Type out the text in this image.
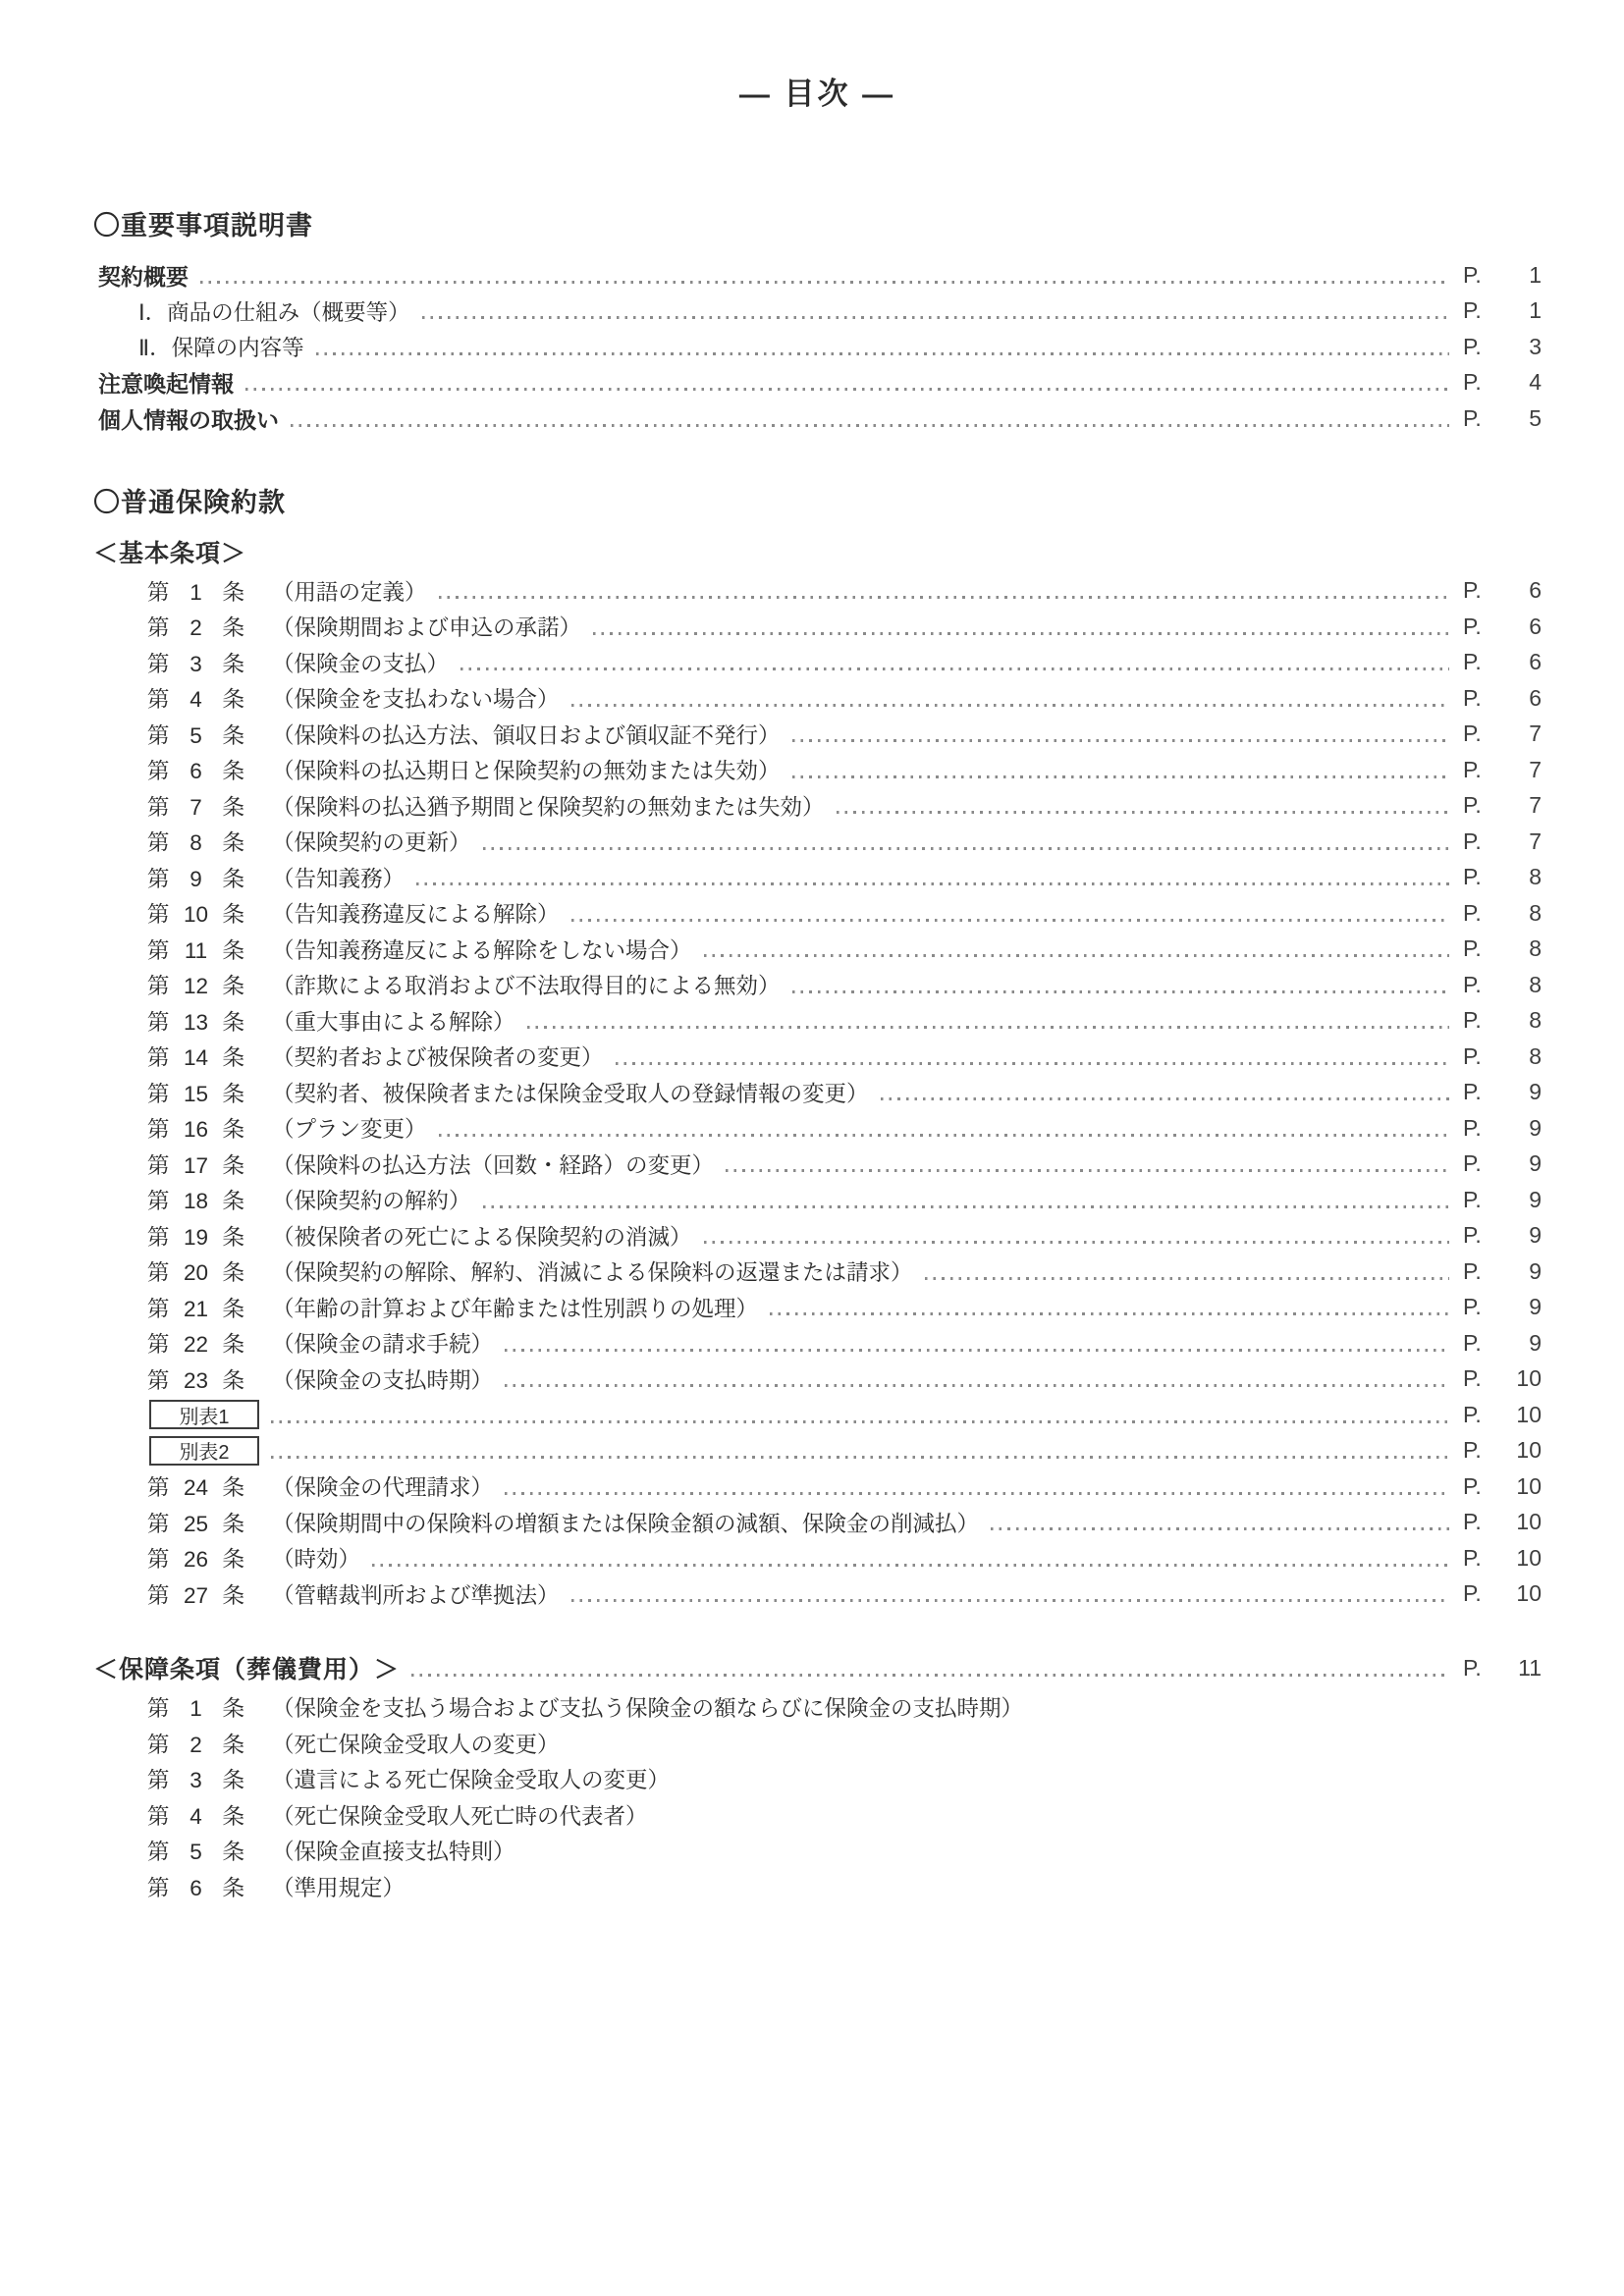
— 目次 —
〇重要事項説明書
契約概要	P. 1
Ⅰ．商品の仕組み（概要等）	P. 1
Ⅱ．保障の内容等	P. 3
注意喚起情報	P. 4
個人情報の取扱い	P. 5
〇普通保険約款
＜基本条項＞
第 1 条 （用語の定義）	P. 6
第 2 条 （保険期間および申込の承諾）	P. 6
第 3 条 （保険金の支払）	P. 6
第 4 条 （保険金を支払わない場合）	P. 6
第 5 条 （保険料の払込方法、領収日および領収証不発行）	P. 7
第 6 条 （保険料の払込期日と保険契約の無効または失効）	P. 7
第 7 条 （保険料の払込猶予期間と保険契約の無効または失効）	P. 7
第 8 条 （保険契約の更新）	P. 7
第 9 条 （告知義務）	P. 8
第 10 条 （告知義務違反による解除）	P. 8
第 11 条 （告知義務違反による解除をしない場合）	P. 8
第 12 条 （詐欺による取消および不法取得目的による無効）	P. 8
第 13 条 （重大事由による解除）	P. 8
第 14 条 （契約者および被保険者の変更）	P. 8
第 15 条 （契約者、被保険者または保険金受取人の登録情報の変更）	P. 9
第 16 条 （プラン変更）	P. 9
第 17 条 （保険料の払込方法（回数・経路）の変更）	P. 9
第 18 条 （保険契約の解約）	P. 9
第 19 条 （被保険者の死亡による保険契約の消滅）	P. 9
第 20 条 （保険契約の解除、解約、消滅による保険料の返還または請求）	P. 9
第 21 条 （年齢の計算および年齢または性別誤りの処理）	P. 9
第 22 条 （保険金の請求手続）	P. 9
第 23 条 （保険金の支払時期）	P. 10
別表1	P. 10
別表2	P. 10
第 24 条 （保険金の代理請求）	P. 10
第 25 条 （保険期間中の保険料の増額または保険金額の減額、保険金の削減払）	P. 10
第 26 条 （時効）	P. 10
第 27 条 （管轄裁判所および準拠法）	P. 10
＜保障条項（葬儀費用）＞	P. 11
第 1 条 （保険金を支払う場合および支払う保険金の額ならびに保険金の支払時期）
第 2 条 （死亡保険金受取人の変更）
第 3 条 （遺言による死亡保険金受取人の変更）
第 4 条 （死亡保険金受取人死亡時の代表者）
第 5 条 （保険金直接支払特則）
第 6 条 （準用規定）
